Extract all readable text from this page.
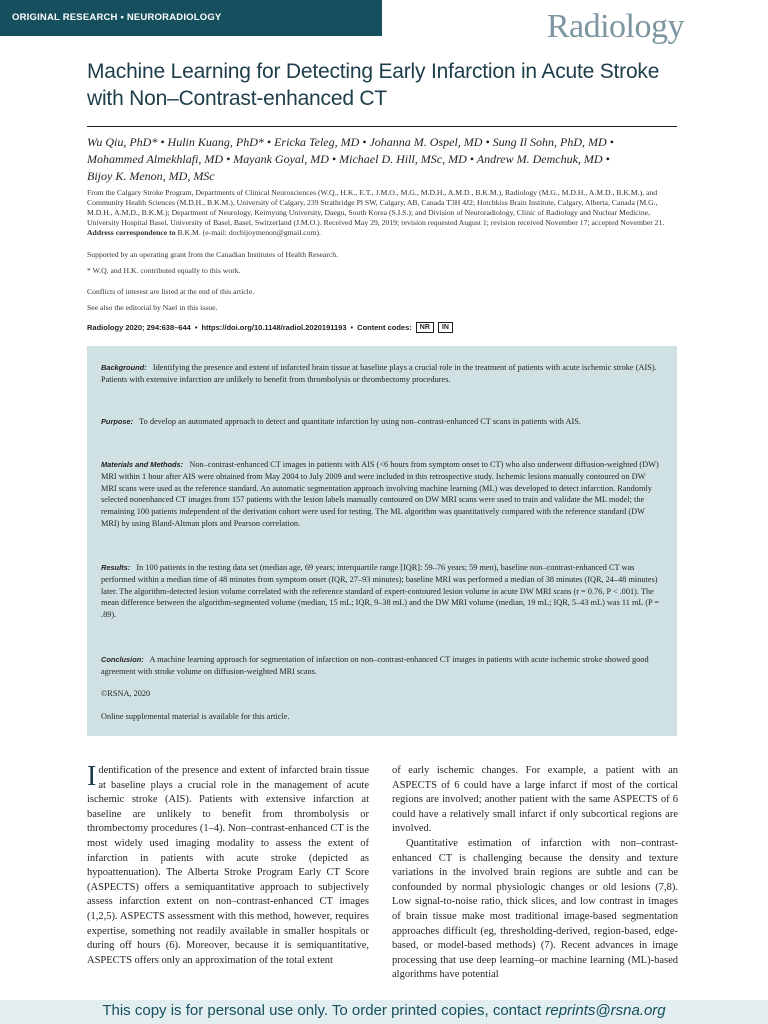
ORIGINAL RESEARCH • NEURORADIOLOGY	Radiology
Machine Learning for Detecting Early Infarction in Acute Stroke with Non–Contrast-enhanced CT
Wu Qiu, PhD* • Hulin Kuang, PhD* • Ericka Teleg, MD • Johanna M. Ospel, MD • Sung Il Sohn, PhD, MD •
Mohammed Almekhlafi, MD • Mayank Goyal, MD • Michael D. Hill, MSc, MD • Andrew M. Demchuk, MD •
Bijoy K. Menon, MD, MSc
From the Calgary Stroke Program, Departments of Clinical Neurosciences (W.Q., H.K., E.T., J.M.O., M.G., M.D.H., A.M.D., B.K.M.), Radiology (M.G., M.D.H., A.M.D., B.K.M.), and Community Health Sciences (M.D.H., B.K.M.), University of Calgary, 239 Strathridge Pl SW, Calgary, AB, Canada T3H 4J2; Hotchkiss Brain Institute, Calgary, Alberta, Canada (M.G., M.D.H., A.M.D., B.K.M.); Department of Neurology, Keimyung University, Daegu, South Korea (S.I.S.); and Division of Neuroradiology, Clinic of Radiology and Nuclear Medicine, University Hospital Basel, University of Basel, Basel, Switzerland (J.M.O.). Received May 29, 2019; revision requested August 1; revision received November 17; accepted November 21. Address correspondence to B.K.M. (e-mail: docbijoymenon@gmail.com).
Supported by an operating grant from the Canadian Institutes of Health Research.
* W.Q. and H.K. contributed equally to this work.
Conflicts of interest are listed at the end of this article.
See also the editorial by Nael in this issue.
Radiology 2020; 294:638–644 • https://doi.org/10.1148/radiol.2020191193 • Content codes:	NR	IN
Background: Identifying the presence and extent of infarcted brain tissue at baseline plays a crucial role in the treatment of patients with acute ischemic stroke (AIS). Patients with extensive infarction are unlikely to benefit from thrombolysis or thrombectomy procedures.
Purpose: To develop an automated approach to detect and quantitate infarction by using non–contrast-enhanced CT scans in patients with AIS.
Materials and Methods: Non–contrast-enhanced CT images in patients with AIS (<6 hours from symptom onset to CT) who also underwent diffusion-weighted (DW) MRI within 1 hour after AIS were obtained from May 2004 to July 2009 and were included in this retrospective study. Ischemic lesions manually contoured on DW MRI scans were used as the reference standard. An automatic segmentation approach involving machine learning (ML) was developed to detect infarction. Randomly selected nonenhanced CT images from 157 patients with the lesion labels manually contoured on DW MRI scans were used to train and validate the ML model; the remaining 100 patients independent of the derivation cohort were used for testing. The ML algorithm was quantitatively compared with the reference standard (DW MRI) by using Bland-Altman plots and Pearson correlation.
Results: In 100 patients in the testing data set (median age, 69 years; interquartile range [IQR]: 59–76 years; 59 men), baseline non–contrast-enhanced CT was performed within a median time of 48 minutes from symptom onset (IQR, 27–93 minutes); baseline MRI was performed a median of 38 minutes (IQR, 24–48 minutes) later. The algorithm-detected lesion volume correlated with the reference standard of expert-contoured lesion volume in acute DW MRI scans (r = 0.76, P < .001). The mean difference between the algorithm-segmented volume (median, 15 mL; IQR, 9–38 mL) and the DW MRI volume (median, 19 mL; IQR, 5–43 mL) was 11 mL (P = .89).
Conclusion: A machine learning approach for segmentation of infarction on non–contrast-enhanced CT images in patients with acute ischemic stroke showed good agreement with stroke volume on diffusion-weighted MRI scans.
©RSNA, 2020
Online supplemental material is available for this article.
Identification of the presence and extent of infarcted brain tissue at baseline plays a crucial role in the management of acute ischemic stroke (AIS). Patients with extensive infarction at baseline are unlikely to benefit from thrombolysis or thrombectomy procedures (1–4). Non–contrast-enhanced CT is the most widely used imaging modality to assess the extent of infarction in patients with acute stroke (depicted as hypoattenuation). The Alberta Stroke Program Early CT Score (ASPECTS) offers a semiquantitative approach to subjectively assess infarction extent on non–contrast-enhanced CT images (1,2,5). ASPECTS assessment with this method, however, requires expertise, something not readily available in smaller hospitals or during off hours (6). Moreover, because it is semiquantitative, ASPECTS offers only an approximation of the total extent

of early ischemic changes. For example, a patient with an ASPECTS of 6 could have a large infarct if most of the cortical regions are involved; another patient with the same ASPECTS of 6 could have a relatively small infarct if only subcortical regions are involved.

Quantitative estimation of infarction with non–contrast-enhanced CT is challenging because the density and texture variations in the involved brain regions are subtle and can be confounded by normal physiologic changes or old lesions (7,8). Low signal-to-noise ratio, thick slices, and low contrast in images of brain tissue make most traditional image-based segmentation approaches difficult (eg, thresholding-derived, region-based, edge-based, or model-based methods) (7). Recent advances in image processing that use deep learning–or machine learning (ML)-based algorithms have potential

This copy is for personal use only. To order printed copies, contact reprints@rsna.org
